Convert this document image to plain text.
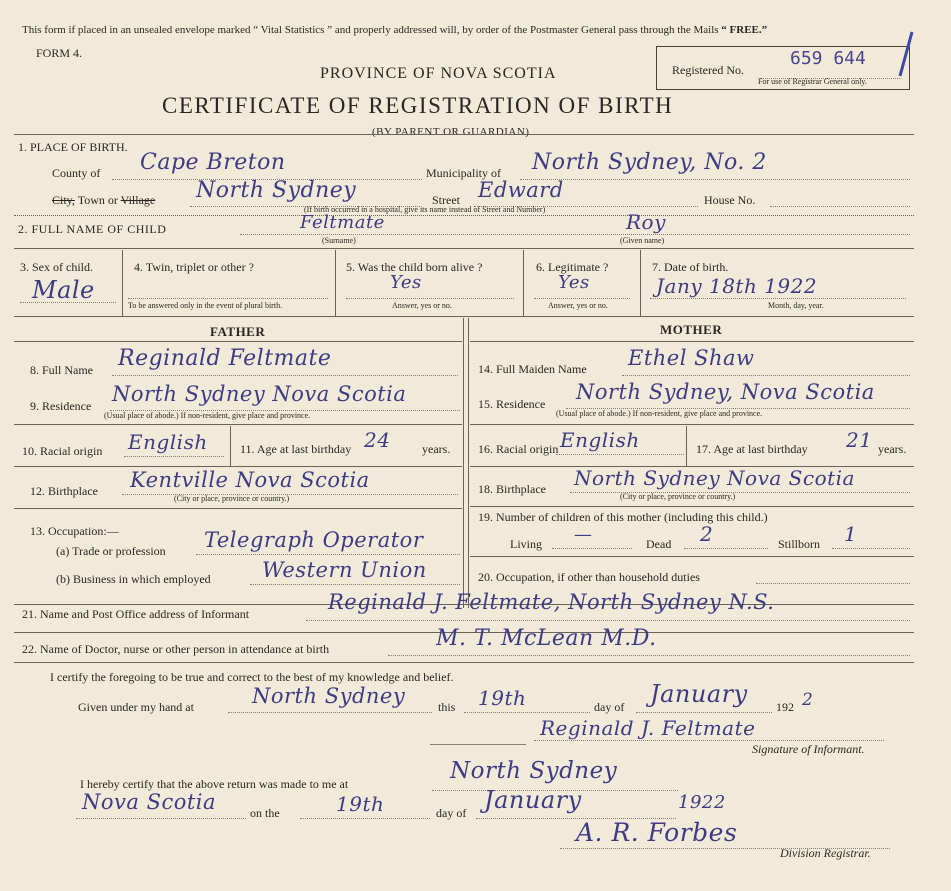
This form if placed in an unsealed envelope marked “ Vital Statistics ” and properly addressed will, by order of the Postmaster General pass through the Mails “ FREE.”
FORM 4.
PROVINCE OF NOVA SCOTIA
CERTIFICATE OF REGISTRATION OF BIRTH
(BY PARENT OR GUARDIAN)
Registered No.
659 644
For use of Registrar General only.
1. PLACE OF BIRTH.
County of Cape Breton	Municipality of North Sydney, No. 2
City, Town or Village North Sydney	Street Edward	House No.
(If birth occurred in a hospital, give its name instead of Street and Number)
2. FULL NAME OF CHILD	Feltmate	Roy
(Surname)	(Given name)
3. Sex of child.
Male
4. Twin, triplet or other ?
To be answered only in the event of plural birth.
5. Was the child born alive ?
Yes
Answer, yes or no.
6. Legitimate ?
Yes
Answer, yes or no.
7. Date of birth.
Jany 18th 1922
Month, day, year.
FATHER	MOTHER
8. Full Name Reginald Feltmate
9. Residence North Sydney Nova Scotia
(Usual place of abode.) If non-resident, give place and province.
10. Racial origin English	11. Age at last birthday 24	years.
12. Birthplace Kentville Nova Scotia
(City or place, province or country.)
13. Occupation:—
(a) Trade or profession Telegraph Operator
(b) Business in which employed Western Union
14. Full Maiden Name Ethel Shaw
15. Residence North Sydney, Nova Scotia
(Usual place of abode.) If non-resident, give place and province.
16. Racial origin English	17. Age at last birthday 21 years.
18. Birthplace North Sydney Nova Scotia
(City or place, province or country.)
19. Number of children of this mother (including this child.)
Living —	Dead 2	Stillborn 1
20. Occupation, if other than household duties
21. Name and Post Office address of Informant	Reginald J. Feltmate, North Sydney N.S.
22. Name of Doctor, nurse or other person in attendance at birth	M. T. McLean M.D.
I certify the foregoing to be true and correct to the best of my knowledge and belief.
Given under my hand at	North Sydney	this 19th	day of January 192 2
Reginald J. Feltmate
Signature of Informant.
I hereby certify that the above return was made to me at	North Sydney
Nova Scotia	on the	19th	day of January	1922
A. R. Forbes
Division Registrar.
